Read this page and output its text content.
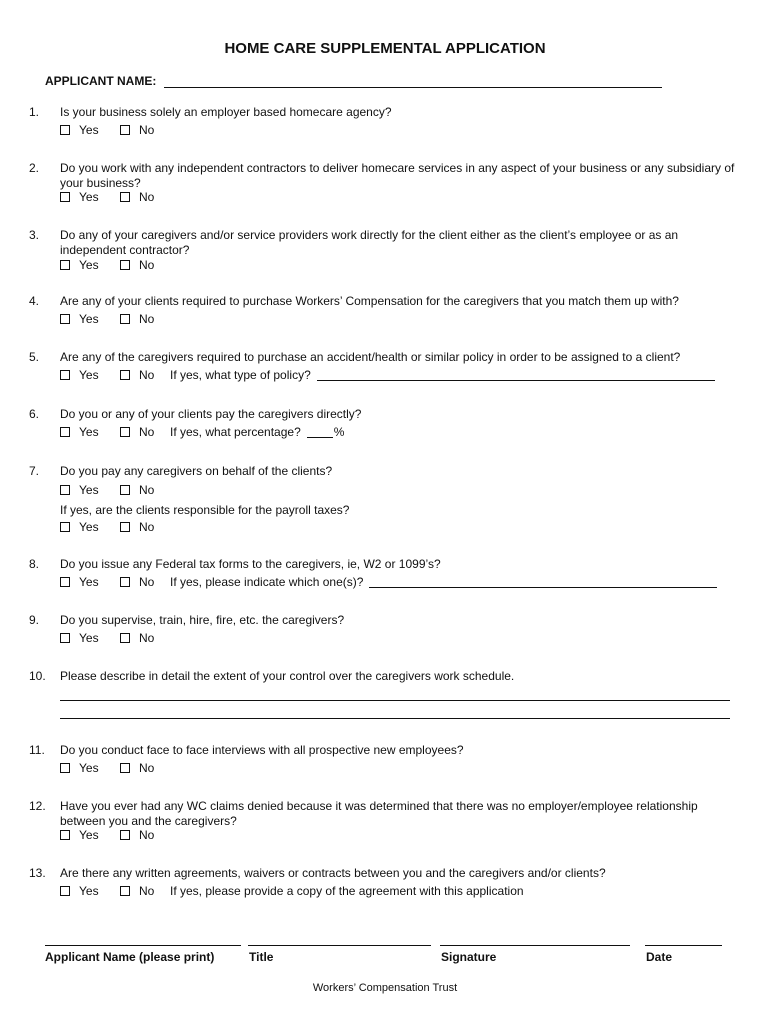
HOME CARE SUPPLEMENTAL APPLICATION
APPLICANT NAME:
1. Is your business solely an employer based homecare agency?
Yes	No
2. Do you work with any independent contractors to deliver homecare services in any aspect of your business or any subsidiary of your business?
Yes	No
3. Do any of your caregivers and/or service providers work directly for the client either as the client’s employee or as an independent contractor?
Yes	No
4. Are any of your clients required to purchase Workers’ Compensation for the caregivers that you match them up with?
Yes	No
5. Are any of the caregivers required to purchase an accident/health or similar policy in order to be assigned to a client?
Yes	No If yes, what type of policy?
6. Do you or any of your clients pay the caregivers directly?
Yes	No If yes, what percentage?	%
7. Do you pay any caregivers on behalf of the clients?
Yes	No
If yes, are the clients responsible for the payroll taxes?
Yes	No
8. Do you issue any Federal tax forms to the caregivers, ie, W2 or 1099’s?
Yes	No If yes, please indicate which one(s)?
9. Do you supervise, train, hire, fire, etc. the caregivers?
Yes	No
10. Please describe in detail the extent of your control over the caregivers work schedule.
11. Do you conduct face to face interviews with all prospective new employees?
Yes	No
12. Have you ever had any WC claims denied because it was determined that there was no employer/employee relationship between you and the caregivers?
Yes	No
13. Are there any written agreements, waivers or contracts between you and the caregivers and/or clients?
Yes	No If yes, please provide a copy of the agreement with this application
Applicant Name (please print)	Title	Signature	Date
Workers’ Compensation Trust
